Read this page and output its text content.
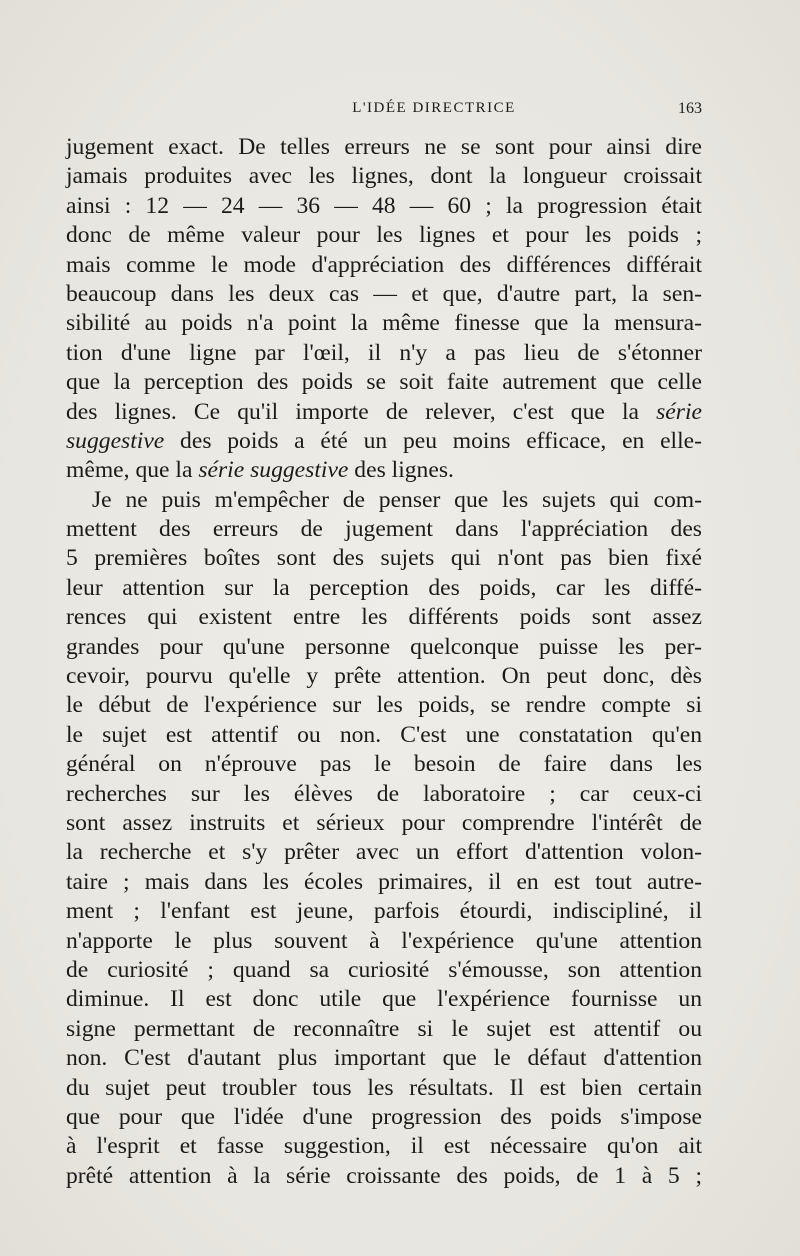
L'IDÉE DIRECTRICE	163
jugement exact. De telles erreurs ne se sont pour ainsi dire
jamais produites avec les lignes, dont la longueur croissait
ainsi : 12 — 24 — 36 — 48 — 60 ; la progression était
donc de même valeur pour les lignes et pour les poids ;
mais comme le mode d'appréciation des différences différait
beaucoup dans les deux cas — et que, d'autre part, la sen-
sibilité au poids n'a point la même finesse que la mensura-
tion d'une ligne par l'œil, il n'y a pas lieu de s'étonner
que la perception des poids se soit faite autrement que celle
des lignes. Ce qu'il importe de relever, c'est que la série
suggestive des poids a été un peu moins efficace, en elle-
même, que la série suggestive des lignes.
Je ne puis m'empêcher de penser que les sujets qui com-
mettent des erreurs de jugement dans l'appréciation des
5 premières boîtes sont des sujets qui n'ont pas bien fixé
leur attention sur la perception des poids, car les diffé-
rences qui existent entre les différents poids sont assez
grandes pour qu'une personne quelconque puisse les per-
cevoir, pourvu qu'elle y prête attention. On peut donc, dès
le début de l'expérience sur les poids, se rendre compte si
le sujet est attentif ou non. C'est une constatation qu'en
général on n'éprouve pas le besoin de faire dans les
recherches sur les élèves de laboratoire ; car ceux-ci
sont assez instruits et sérieux pour comprendre l'intérêt de
la recherche et s'y prêter avec un effort d'attention volon-
taire ; mais dans les écoles primaires, il en est tout autre-
ment ; l'enfant est jeune, parfois étourdi, indiscipliné, il
n'apporte le plus souvent à l'expérience qu'une attention
de curiosité ; quand sa curiosité s'émousse, son attention
diminue. Il est donc utile que l'expérience fournisse un
signe permettant de reconnaître si le sujet est attentif ou
non. C'est d'autant plus important que le défaut d'attention
du sujet peut troubler tous les résultats. Il est bien certain
que pour que l'idée d'une progression des poids s'impose
à l'esprit et fasse suggestion, il est nécessaire qu'on ait
prêté attention à la série croissante des poids, de 1 à 5 ;
